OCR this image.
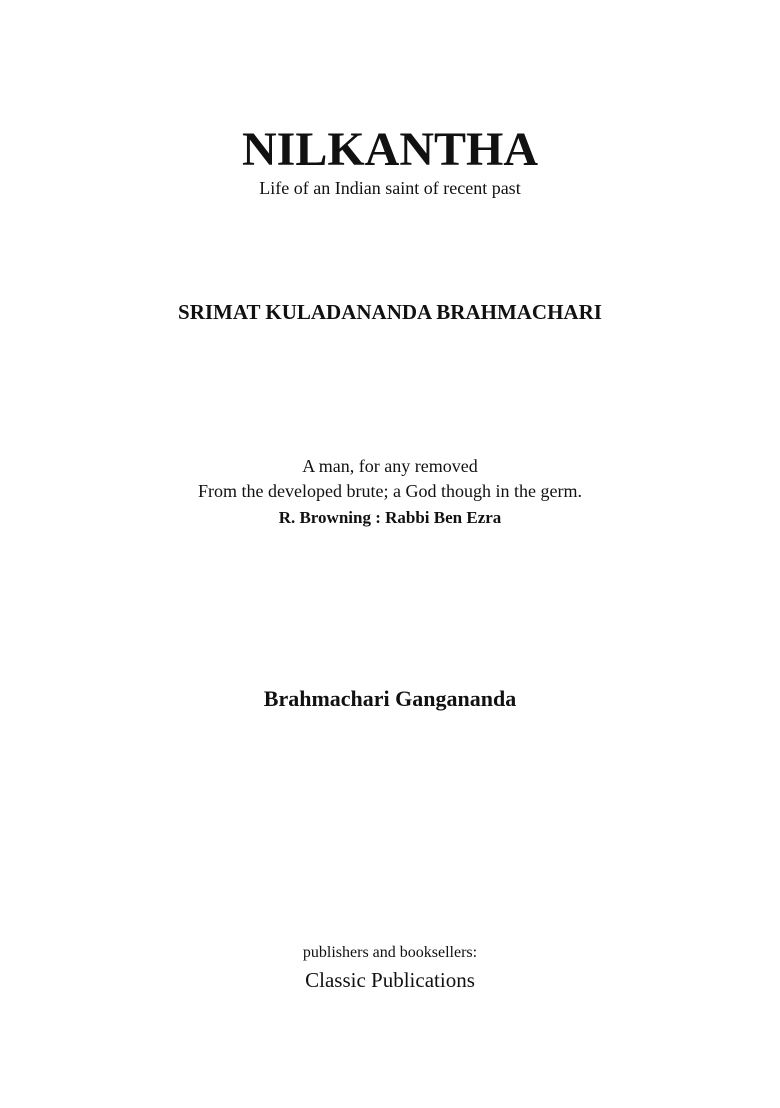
NILKANTHA
Life of an Indian saint of recent past
SRIMAT KULADANANDA BRAHMACHARI
A man, for any removed
From the developed brute; a God though in the germ.
R. Browning : Rabbi Ben Ezra
Brahmachari Gangananda
publishers and booksellers:
Classic Publications
